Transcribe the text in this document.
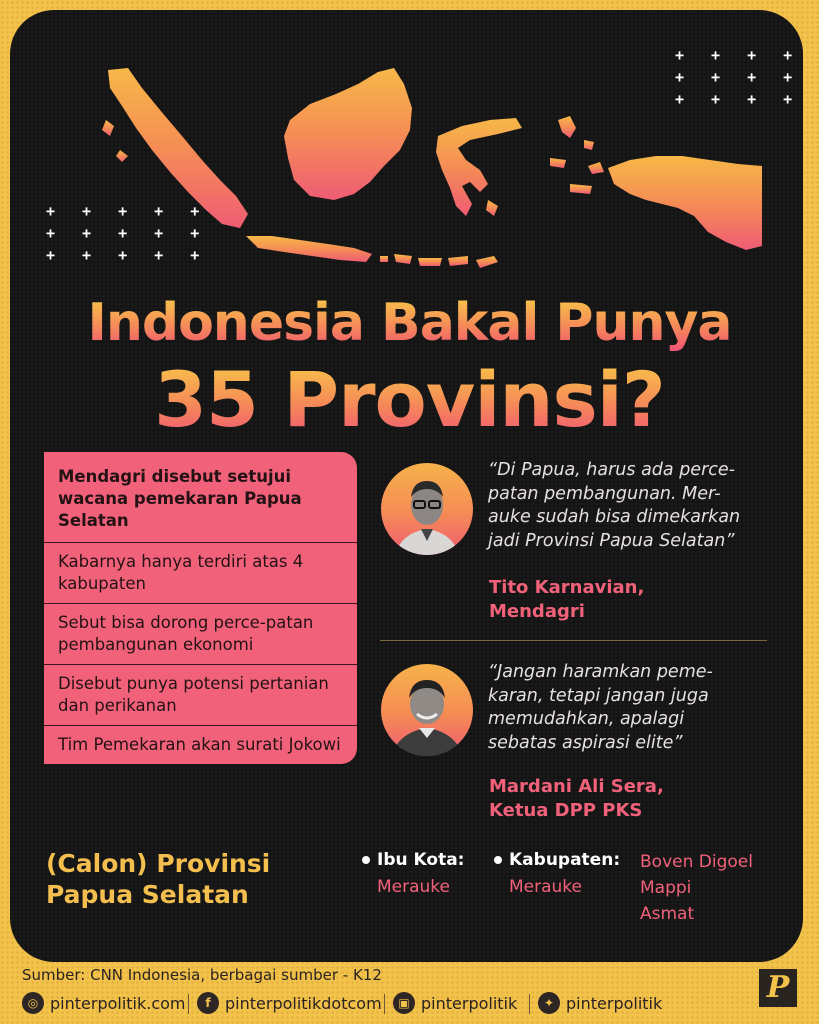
+ + + +
+ + + +
+ + + +
+ + + + +
+ + + + +
+ + + + +
Indonesia Bakal Punya
35 Provinsi?
Mendagri disebut setujui wacana pemekaran Papua Selatan
Kabarnya hanya terdiri atas 4 kabupaten
Sebut bisa dorong perce-patan pembangunan ekonomi
Disebut punya potensi pertanian dan perikanan
Tim Pemekaran akan surati Jokowi
“Di Papua, harus ada perce-
patan pembangunan. Mer-
auke sudah bisa dimekarkan
jadi Provinsi Papua Selatan”
Tito Karnavian,
Mendagri
“Jangan haramkan peme-
karan, tetapi jangan juga
memudahkan, apalagi
sebatas aspirasi elite”
Mardani Ali Sera,
Ketua DPP PKS
(Calon) Provinsi
Papua Selatan
Ibu Kota:
Merauke
Kabupaten:
Merauke
Boven Digoel
Mappi
Asmat
Sumber: CNN Indonesia, berbagai sumber - K12
◎ pinterpolitik.com	f pinterpolitikdotcom	▣ pinterpolitik	✦ pinterpolitik	P
